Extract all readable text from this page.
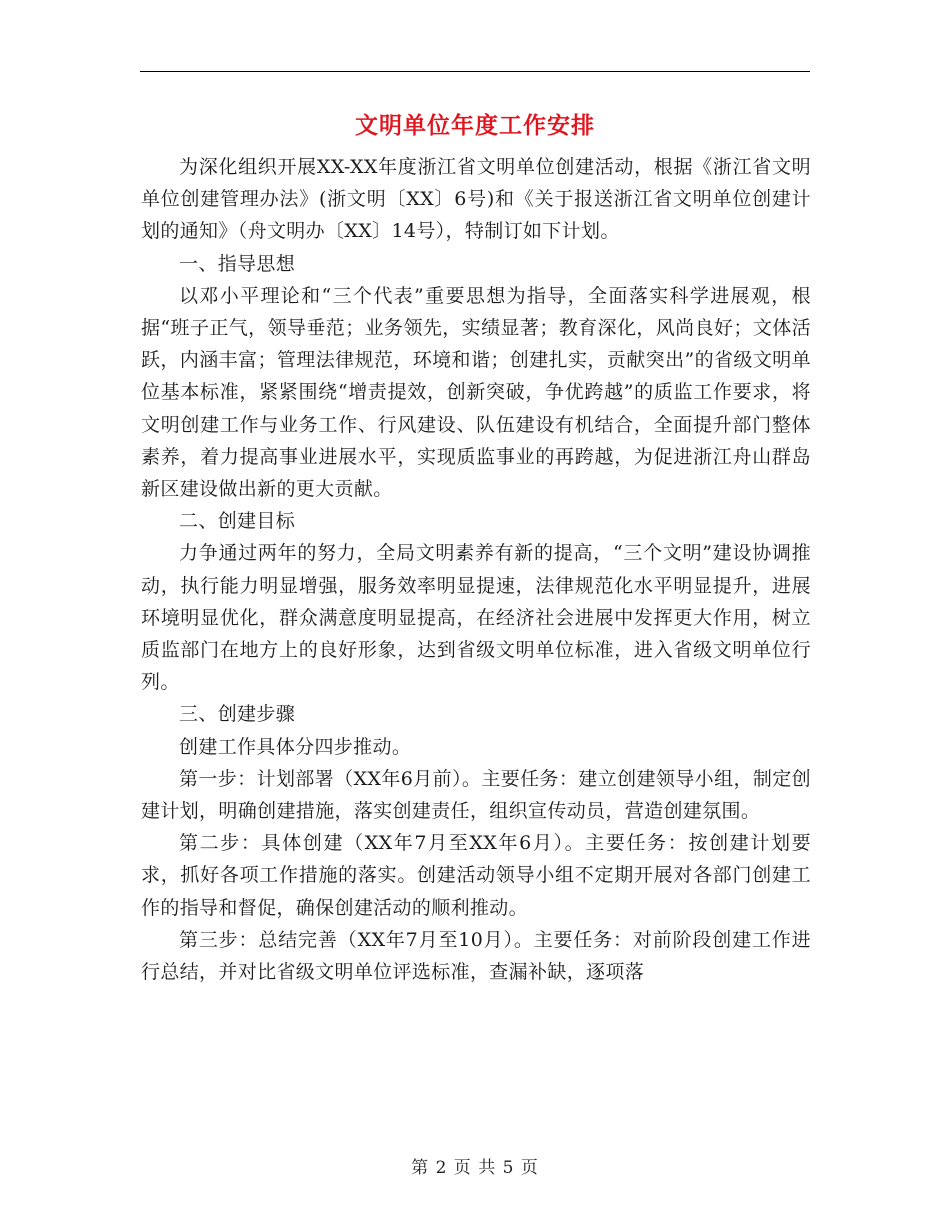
文明单位年度工作安排

为深化组织开展XX-XX年度浙江省文明单位创建活动，根据《浙江省文明单位创建管理办法》(浙文明〔XX〕6号)和《关于报送浙江省文明单位创建计划的通知》（舟文明办〔XX〕14号），特制订如下计划。

一、指导思想

以邓小平理论和“三个代表”重要思想为指导，全面落实科学进展观，根据“班子正气，领导垂范；业务领先，实绩显著；教育深化，风尚良好；文体活跃，内涵丰富；管理法律规范，环境和谐；创建扎实，贡献突出”的省级文明单位基本标准，紧紧围绕“增责提效，创新突破，争优跨越”的质监工作要求，将文明创建工作与业务工作、行风建设、队伍建设有机结合，全面提升部门整体素养，着力提高事业进展水平，实现质监事业的再跨越，为促进浙江舟山群岛新区建设做出新的更大贡献。

二、创建目标

力争通过两年的努力，全局文明素养有新的提高，“三个文明”建设协调推动，执行能力明显增强，服务效率明显提速，法律规范化水平明显提升，进展环境明显优化，群众满意度明显提高，在经济社会进展中发挥更大作用，树立质监部门在地方上的良好形象，达到省级文明单位标准，进入省级文明单位行列。

三、创建步骤

创建工作具体分四步推动。

第一步：计划部署（XX年6月前）。主要任务：建立创建领导小组，制定创建计划，明确创建措施，落实创建责任，组织宣传动员，营造创建氛围。

第二步：具体创建（XX年7月至XX年6月）。主要任务：按创建计划要求，抓好各项工作措施的落实。创建活动领导小组不定期开展对各部门创建工作的指导和督促，确保创建活动的顺利推动。

第三步：总结完善（XX年7月至10月）。主要任务：对前阶段创建工作进行总结，并对比省级文明单位评选标准，查漏补缺，逐项落

第 2 页 共 5 页
